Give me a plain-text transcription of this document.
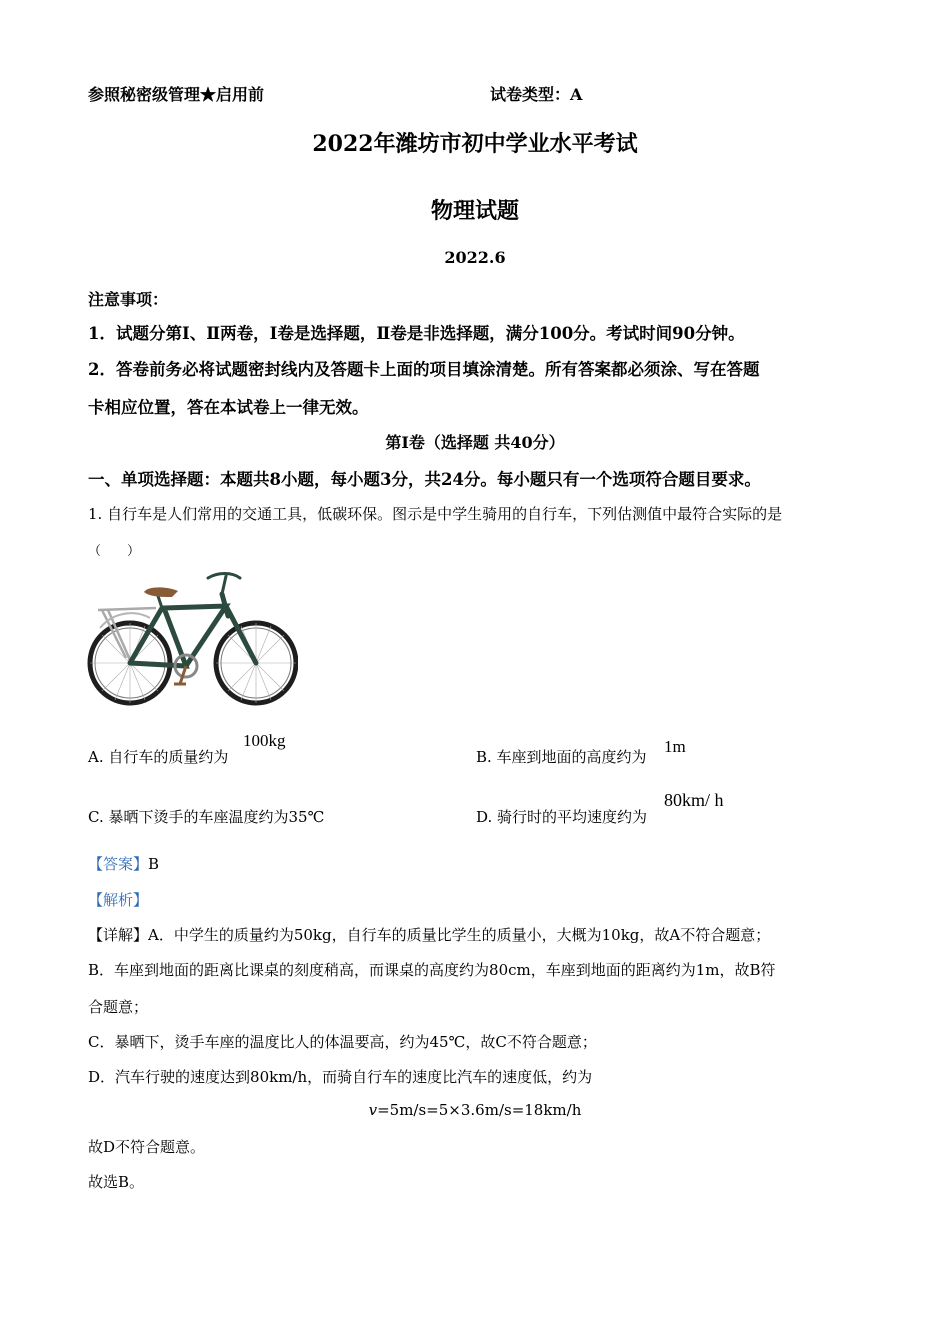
参照秘密级管理★启用前	试卷类型：A
2022年潍坊市初中学业水平考试
物理试题
2022.6
注意事项：
1．试题分第Ⅰ、Ⅱ两卷，Ⅰ卷是选择题，Ⅱ卷是非选择题，满分100分。考试时间90分钟。
2．答卷前务必将试题密封线内及答题卡上面的项目填涂清楚。所有答案都必须涂、写在答题
卡相应位置，答在本试卷上一律无效。
第Ⅰ卷（选择题 共40分）
一、单项选择题：本题共8小题，每小题3分，共24分。每小题只有一个选项符合题目要求。
1. 自行车是人们常用的交通工具，低碳环保。图示是中学生骑用的自行车，下列估测值中最符合实际的是
（　　）
A. 自行车的质量约为
100kg
B. 车座到地面的高度约为
1m
C. 暴晒下烫手的车座温度约为35℃	D. 骑行时的平均速度约为
80km/ h
【答案】B
【解析】
【详解】A．中学生的质量约为50kg，自行车的质量比学生的质量小，大概为10kg，故A不符合题意；
B．车座到地面的距离比课桌的刻度稍高，而课桌的高度约为80cm，车座到地面的距离约为1m，故B符
合题意；
C．暴晒下，烫手车座的温度比人的体温要高，约为45℃，故C不符合题意；
D．汽车行驶的速度达到80km/h，而骑自行车的速度比汽车的速度低，约为
v=5m/s=5×3.6m/s=18km/h
故D不符合题意。
故选B。
